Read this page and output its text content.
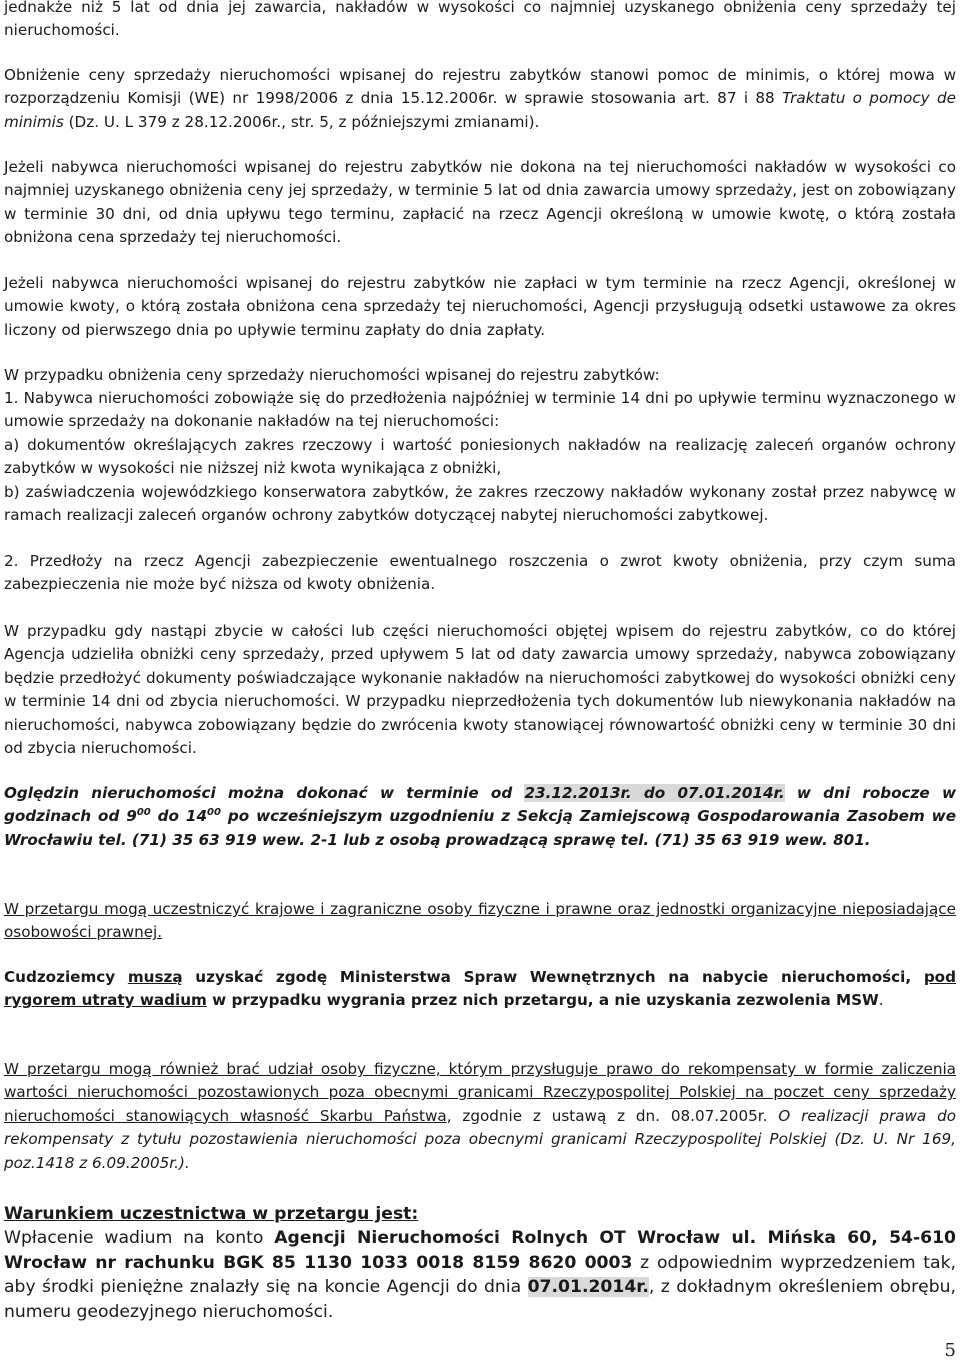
jednakże niż 5 lat od dnia jej zawarcia, nakładów w wysokości co najmniej uzyskanego obniżenia ceny sprzedaży tej nieruchomości.

Obniżenie ceny sprzedaży nieruchomości wpisanej do rejestru zabytków stanowi pomoc de minimis, o której mowa w rozporządzeniu Komisji (WE) nr 1998/2006 z dnia 15.12.2006r. w sprawie stosowania art. 87 i 88 Traktatu o pomocy de minimis (Dz. U. L 379 z 28.12.2006r., str. 5, z późniejszymi zmianami).

Jeżeli nabywca nieruchomości wpisanej do rejestru zabytków nie dokona na tej nieruchomości nakładów w wysokości co najmniej uzyskanego obniżenia ceny jej sprzedaży, w terminie 5 lat od dnia zawarcia umowy sprzedaży, jest on zobowiązany w terminie 30 dni, od dnia upływu tego terminu, zapłacić na rzecz Agencji określoną w umowie kwotę, o którą została obniżona cena sprzedaży tej nieruchomości.

Jeżeli nabywca nieruchomości wpisanej do rejestru zabytków nie zapłaci w tym terminie na rzecz Agencji, określonej w umowie kwoty, o którą została obniżona cena sprzedaży tej nieruchomości, Agencji przysługują odsetki ustawowe za okres liczony od pierwszego dnia po upływie terminu zapłaty do dnia zapłaty.

W przypadku obniżenia ceny sprzedaży nieruchomości wpisanej do rejestru zabytków:

1. Nabywca nieruchomości zobowiąże się do przedłożenia najpóźniej w terminie 14 dni po upływie terminu wyznaczonego w umowie sprzedaży na dokonanie nakładów na tej nieruchomości:

a) dokumentów określających zakres rzeczowy i wartość poniesionych nakładów na realizację zaleceń organów ochrony zabytków w wysokości nie niższej niż kwota wynikająca z obniżki,

b) zaświadczenia wojewódzkiego konserwatora zabytków, że zakres rzeczowy nakładów wykonany został przez nabywcę w ramach realizacji zaleceń organów ochrony zabytków dotyczącej nabytej nieruchomości zabytkowej.

2. Przedłoży na rzecz Agencji zabezpieczenie ewentualnego roszczenia o zwrot kwoty obniżenia, przy czym suma zabezpieczenia nie może być niższa od kwoty obniżenia.

W przypadku gdy nastąpi zbycie w całości lub części nieruchomości objętej wpisem do rejestru zabytków, co do której Agencja udzieliła obniżki ceny sprzedaży, przed upływem 5 lat od daty zawarcia umowy sprzedaży, nabywca zobowiązany będzie przedłożyć dokumenty poświadczające wykonanie nakładów na nieruchomości zabytkowej do wysokości obniżki ceny w terminie 14 dni od zbycia nieruchomości. W przypadku nieprzedłożenia tych dokumentów lub niewykonania nakładów na nieruchomości, nabywca zobowiązany będzie do zwrócenia kwoty stanowiącej równowartość obniżki ceny w terminie 30 dni od zbycia nieruchomości.

Oględzin nieruchomości można dokonać w terminie od 23.12.2013r. do 07.01.2014r. w dni robocze w godzinach od $9^{00}$ do $14^{00}$ po wcześniejszym uzgodnieniu z Sekcją Zamiejscową Gospodarowania Zasobem we Wrocławiu tel. (71) 35 63 919 wew. 2-1 lub z osobą prowadzącą sprawę tel. (71) 35 63 919 wew. 801.

W przetargu mogą uczestniczyć krajowe i zagraniczne osoby fizyczne i prawne oraz jednostki organizacyjne nieposiadające osobowości prawnej.

Cudzoziemcy muszą uzyskać zgodę Ministerstwa Spraw Wewnętrznych na nabycie nieruchomości, pod rygorem utraty wadium w przypadku wygrania przez nich przetargu, a nie uzyskania zezwolenia MSW.

W przetargu mogą również brać udział osoby fizyczne, którym przysługuje prawo do rekompensaty w formie zaliczenia wartości nieruchomości pozostawionych poza obecnymi granicami Rzeczypospolitej Polskiej na poczet ceny sprzedaży nieruchomości stanowiących własność Skarbu Państwa, zgodnie z ustawą z dn. 08.07.2005r. O realizacji prawa do rekompensaty z tytułu pozostawienia nieruchomości poza obecnymi granicami Rzeczypospolitej Polskiej (Dz. U. Nr 169, poz.1418 z 6.09.2005r.).

Warunkiem uczestnictwa w przetargu jest:
Wpłacenie wadium na konto Agencji Nieruchomości Rolnych OT Wrocław ul. Mińska 60, 54-610 Wrocław nr rachunku BGK 85 1130 1033 0018 8159 8620 0003 z odpowiednim wyprzedzeniem tak, aby środki pieniężne znalazły się na koncie Agencji do dnia 07.01.2014r., z dokładnym określeniem obrębu, numeru geodezyjnego nieruchomości.
5
